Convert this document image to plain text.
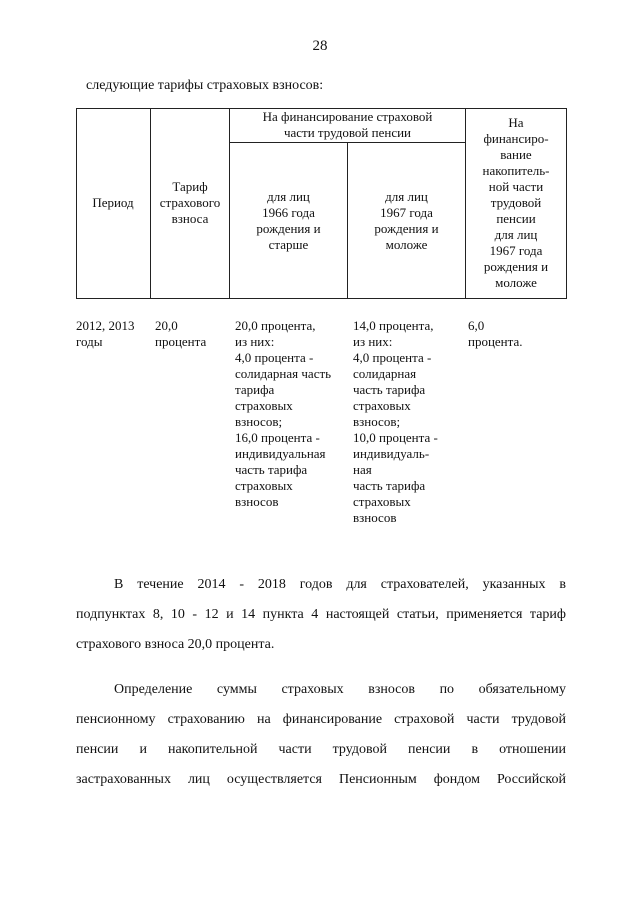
28
следующие тарифы страховых взносов:
Период
Тариф
страхового
взноса
На финансирование страховой
части трудовой пенсии
для лиц
1966 года
рождения и
старше
для лиц
1967 года
рождения и
моложе
На
финансиро-
вание
накопитель-
ной части
трудовой
пенсии
для лиц
1967 года
рождения и
моложе
2012, 2013
годы
20,0
процента
20,0 процента,
из них:
4,0 процента -
солидарная часть
тарифа
страховых
взносов;
16,0 процента -
индивидуальная
часть тарифа
страховых
взносов
14,0 процента,
из них:
4,0 процента -
солидарная
часть тарифа
страховых
взносов;
10,0 процента -
индивидуаль-
ная
часть тарифа
страховых
взносов
6,0
процента.
В течение 2014 - 2018 годов для страхователей, указанных в
подпунктах 8, 10 - 12 и 14 пункта 4 настоящей статьи, применяется тариф
страхового взноса 20,0 процента.
Определение суммы страховых взносов по обязательному
пенсионному страхованию на финансирование страховой части трудовой
пенсии и накопительной части трудовой пенсии в отношении
застрахованных лиц осуществляется Пенсионным фондом Российской
